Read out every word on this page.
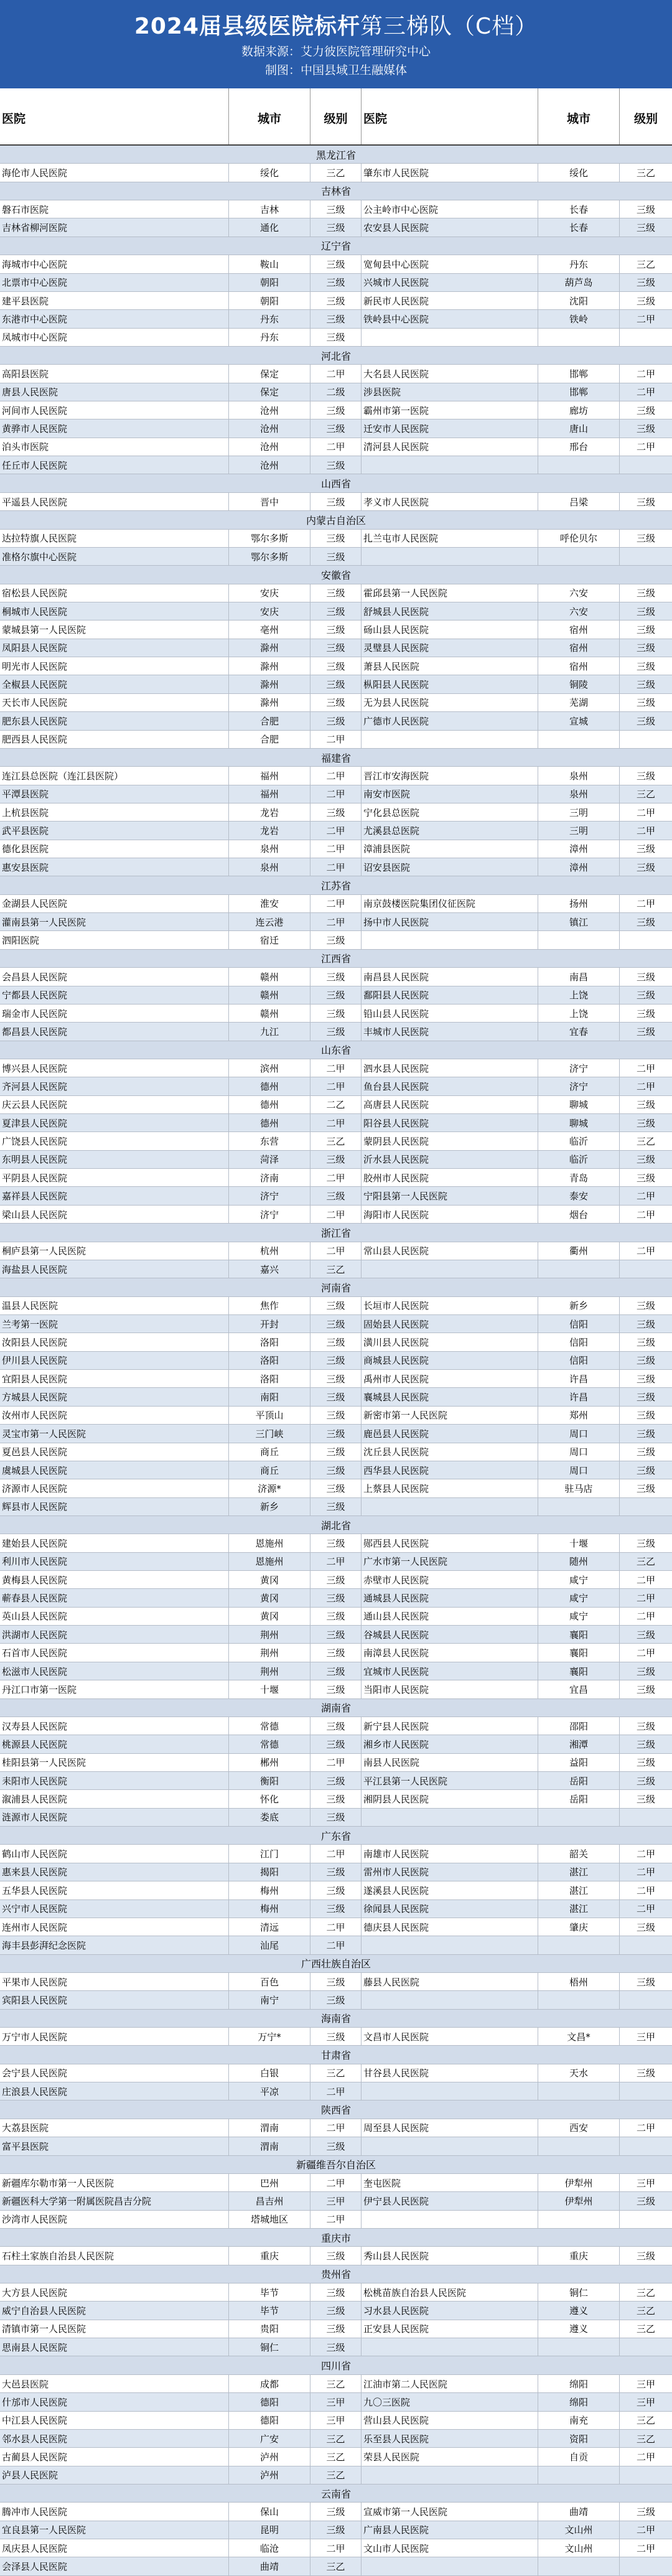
2024届县级医院标杆第三梯队（C档）
数据来源：艾力彼医院管理研究中心
制图：中国县域卫生融媒体
医院	城市	级别	医院	城市	级别
黑龙江省
海伦市人民医院	绥化	三乙	肇东市人民医院	绥化	三乙
吉林省
磐石市医院	吉林	三级	公主岭市中心医院	长春	三级
吉林省柳河医院	通化	三级	农安县人民医院	长春	三级
辽宁省
海城市中心医院	鞍山	三级	宽甸县中心医院	丹东	三乙
北票市中心医院	朝阳	三级	兴城市人民医院	葫芦岛	三级
建平县医院	朝阳	三级	新民市人民医院	沈阳	三级
东港市中心医院	丹东	三级	铁岭县中心医院	铁岭	二甲
凤城市中心医院	丹东	三级
河北省
高阳县医院	保定	二甲	大名县人民医院	邯郸	二甲
唐县人民医院	保定	二级	涉县医院	邯郸	二甲
河间市人民医院	沧州	三级	霸州市第一医院	廊坊	三级
黄骅市人民医院	沧州	三级	迁安市人民医院	唐山	三级
泊头市医院	沧州	二甲	清河县人民医院	邢台	二甲
任丘市人民医院	沧州	三级
山西省
平遥县人民医院	晋中	三级	孝义市人民医院	吕梁	三级
内蒙古自治区
达拉特旗人民医院	鄂尔多斯	三级	扎兰屯市人民医院	呼伦贝尔	三级
准格尔旗中心医院	鄂尔多斯	三级
安徽省
宿松县人民医院	安庆	三级	霍邱县第一人民医院	六安	三级
桐城市人民医院	安庆	三级	舒城县人民医院	六安	三级
蒙城县第一人民医院	亳州	三级	砀山县人民医院	宿州	三级
凤阳县人民医院	滁州	三级	灵璧县人民医院	宿州	三级
明光市人民医院	滁州	三级	萧县人民医院	宿州	三级
全椒县人民医院	滁州	三级	枞阳县人民医院	铜陵	三级
天长市人民医院	滁州	三级	无为县人民医院	芜湖	三级
肥东县人民医院	合肥	三级	广德市人民医院	宣城	三级
肥西县人民医院	合肥	二甲
福建省
连江县总医院（连江县医院）	福州	二甲	晋江市安海医院	泉州	三级
平潭县医院	福州	二甲	南安市医院	泉州	三乙
上杭县医院	龙岩	三级	宁化县总医院	三明	二甲
武平县医院	龙岩	二甲	尤溪县总医院	三明	二甲
德化县医院	泉州	二甲	漳浦县医院	漳州	三级
惠安县医院	泉州	二甲	诏安县医院	漳州	三级
江苏省
金湖县人民医院	淮安	二甲	南京鼓楼医院集团仪征医院	扬州	二甲
灌南县第一人民医院	连云港	二甲	扬中市人民医院	镇江	三级
泗阳医院	宿迁	三级
江西省
会昌县人民医院	赣州	三级	南昌县人民医院	南昌	三级
宁都县人民医院	赣州	三级	鄱阳县人民医院	上饶	三级
瑞金市人民医院	赣州	三级	铅山县人民医院	上饶	三级
都昌县人民医院	九江	三级	丰城市人民医院	宜春	三级
山东省
博兴县人民医院	滨州	二甲	泗水县人民医院	济宁	二甲
齐河县人民医院	德州	二甲	鱼台县人民医院	济宁	二甲
庆云县人民医院	德州	二乙	高唐县人民医院	聊城	三级
夏津县人民医院	德州	二甲	阳谷县人民医院	聊城	三级
广饶县人民医院	东营	三乙	蒙阴县人民医院	临沂	三乙
东明县人民医院	菏泽	三级	沂水县人民医院	临沂	三级
平阴县人民医院	济南	二甲	胶州市人民医院	青岛	三级
嘉祥县人民医院	济宁	三级	宁阳县第一人民医院	泰安	二甲
梁山县人民医院	济宁	二甲	海阳市人民医院	烟台	二甲
浙江省
桐庐县第一人民医院	杭州	二甲	常山县人民医院	衢州	二甲
海盐县人民医院	嘉兴	三乙
河南省
温县人民医院	焦作	三级	长垣市人民医院	新乡	三级
兰考第一医院	开封	三级	固始县人民医院	信阳	三级
汝阳县人民医院	洛阳	三级	潢川县人民医院	信阳	三级
伊川县人民医院	洛阳	三级	商城县人民医院	信阳	三级
宜阳县人民医院	洛阳	三级	禹州市人民医院	许昌	三级
方城县人民医院	南阳	三级	襄城县人民医院	许昌	三级
汝州市人民医院	平顶山	三级	新密市第一人民医院	郑州	三级
灵宝市第一人民医院	三门峡	三级	鹿邑县人民医院	周口	三级
夏邑县人民医院	商丘	三级	沈丘县人民医院	周口	三级
虞城县人民医院	商丘	三级	西华县人民医院	周口	三级
济源市人民医院	济源*	三级	上蔡县人民医院	驻马店	三级
辉县市人民医院	新乡	三级
湖北省
建始县人民医院	恩施州	三级	郧西县人民医院	十堰	三级
利川市人民医院	恩施州	二甲	广水市第一人民医院	随州	三乙
黄梅县人民医院	黄冈	三级	赤壁市人民医院	咸宁	二甲
蕲春县人民医院	黄冈	三级	通城县人民医院	咸宁	二甲
英山县人民医院	黄冈	三级	通山县人民医院	咸宁	二甲
洪湖市人民医院	荆州	三级	谷城县人民医院	襄阳	三级
石首市人民医院	荆州	三级	南漳县人民医院	襄阳	二甲
松滋市人民医院	荆州	三级	宜城市人民医院	襄阳	三级
丹江口市第一医院	十堰	三级	当阳市人民医院	宜昌	三级
湖南省
汉寿县人民医院	常德	三级	新宁县人民医院	邵阳	三级
桃源县人民医院	常德	三级	湘乡市人民医院	湘潭	三级
桂阳县第一人民医院	郴州	二甲	南县人民医院	益阳	三级
耒阳市人民医院	衡阳	三级	平江县第一人民医院	岳阳	三级
溆浦县人民医院	怀化	三级	湘阴县人民医院	岳阳	三级
涟源市人民医院	娄底	三级
广东省
鹤山市人民医院	江门	二甲	南雄市人民医院	韶关	二甲
惠来县人民医院	揭阳	三级	雷州市人民医院	湛江	二甲
五华县人民医院	梅州	三级	遂溪县人民医院	湛江	二甲
兴宁市人民医院	梅州	三级	徐闻县人民医院	湛江	二甲
连州市人民医院	清远	二甲	德庆县人民医院	肇庆	三级
海丰县彭湃纪念医院	汕尾	二甲
广西壮族自治区
平果市人民医院	百色	三级	藤县人民医院	梧州	三级
宾阳县人民医院	南宁	三级
海南省
万宁市人民医院	万宁*	三级	文昌市人民医院	文昌*	三甲
甘肃省
会宁县人民医院	白银	三乙	甘谷县人民医院	天水	三级
庄浪县人民医院	平凉	二甲
陕西省
大荔县医院	渭南	二甲	周至县人民医院	西安	二甲
富平县医院	渭南	三级
新疆维吾尔自治区
新疆库尔勒市第一人民医院	巴州	二甲	奎屯医院	伊犁州	三甲
新疆医科大学第一附属医院昌吉分院	昌吉州	三甲	伊宁县人民医院	伊犁州	三级
沙湾市人民医院	塔城地区	二甲
重庆市
石柱土家族自治县人民医院	重庆	三级	秀山县人民医院	重庆	三级
贵州省
大方县人民医院	毕节	三级	松桃苗族自治县人民医院	铜仁	三乙
威宁自治县人民医院	毕节	三级	习水县人民医院	遵义	三乙
清镇市第一人民医院	贵阳	三级	正安县人民医院	遵义	三乙
思南县人民医院	铜仁	三级
四川省
大邑县医院	成都	三乙	江油市第二人民医院	绵阳	三甲
什邡市人民医院	德阳	三甲	九〇三医院	绵阳	三甲
中江县人民医院	德阳	三甲	营山县人民医院	南充	三乙
邻水县人民医院	广安	三乙	乐至县人民医院	资阳	三乙
古蔺县人民医院	泸州	三乙	荣县人民医院	自贡	二甲
泸县人民医院	泸州	三乙
云南省
腾冲市人民医院	保山	三级	宣威市第一人民医院	曲靖	三级
宜良县第一人民医院	昆明	三级	广南县人民医院	文山州	二甲
凤庆县人民医院	临沧	二甲	文山市人民医院	文山州	二甲
会泽县人民医院	曲靖	三乙
